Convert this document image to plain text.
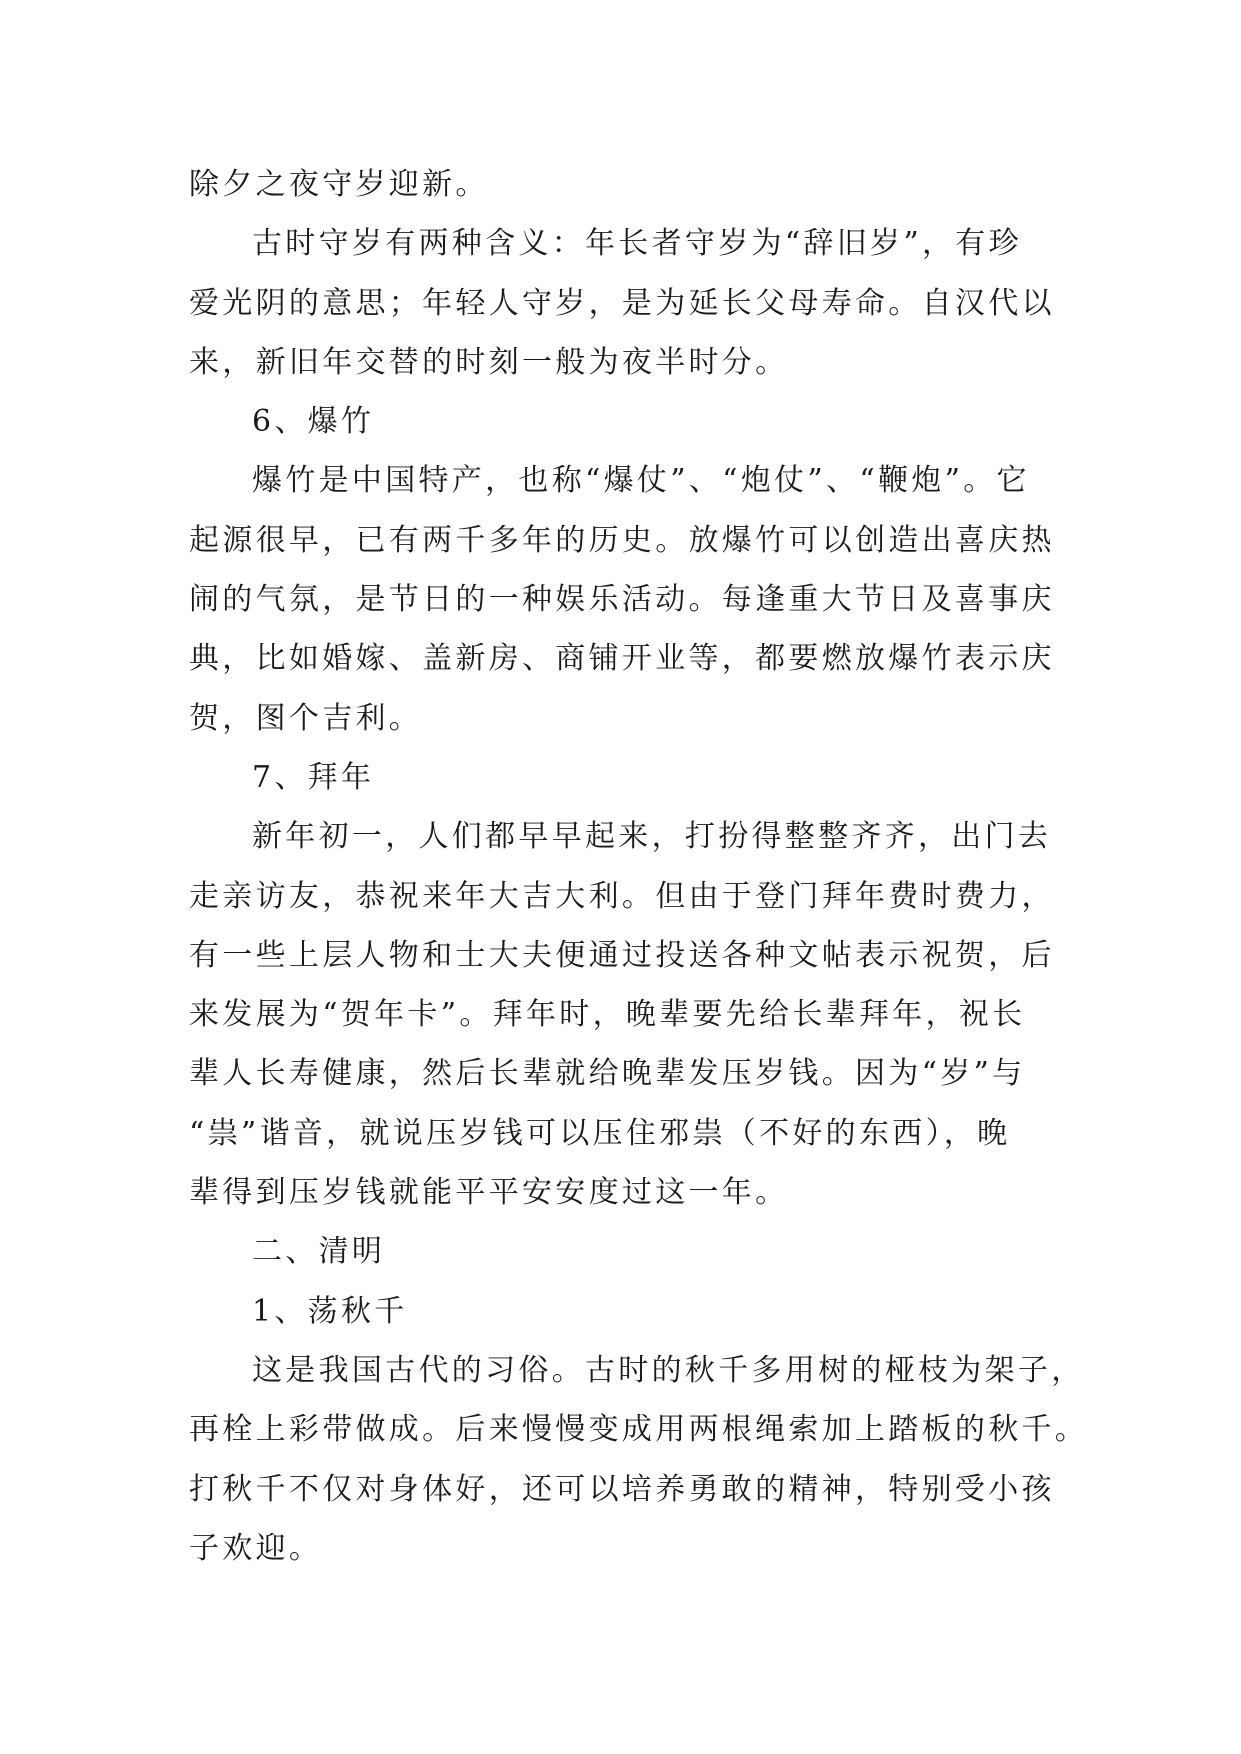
除夕之夜守岁迎新。
古时守岁有两种含义：年长者守岁为“辞旧岁”，有珍
爱光阴的意思；年轻人守岁，是为延长父母寿命。自汉代以
来，新旧年交替的时刻一般为夜半时分。
6、爆竹
爆竹是中国特产，也称“爆仗”、“炮仗”、“鞭炮”。它
起源很早，已有两千多年的历史。放爆竹可以创造出喜庆热
闹的气氛，是节日的一种娱乐活动。每逢重大节日及喜事庆
典，比如婚嫁、盖新房、商铺开业等，都要燃放爆竹表示庆
贺，图个吉利。
7、拜年
新年初一，人们都早早起来，打扮得整整齐齐，出门去
走亲访友，恭祝来年大吉大利。但由于登门拜年费时费力，
有一些上层人物和士大夫便通过投送各种文帖表示祝贺，后
来发展为“贺年卡”。拜年时，晚辈要先给长辈拜年，祝长
辈人长寿健康，然后长辈就给晚辈发压岁钱。因为“岁”与
“祟”谐音，就说压岁钱可以压住邪祟（不好的东西），晚
辈得到压岁钱就能平平安安度过这一年。
二、清明
1、荡秋千
这是我国古代的习俗。古时的秋千多用树的桠枝为架子，
再栓上彩带做成。后来慢慢变成用两根绳索加上踏板的秋千。
打秋千不仅对身体好，还可以培养勇敢的精神，特别受小孩
子欢迎。
